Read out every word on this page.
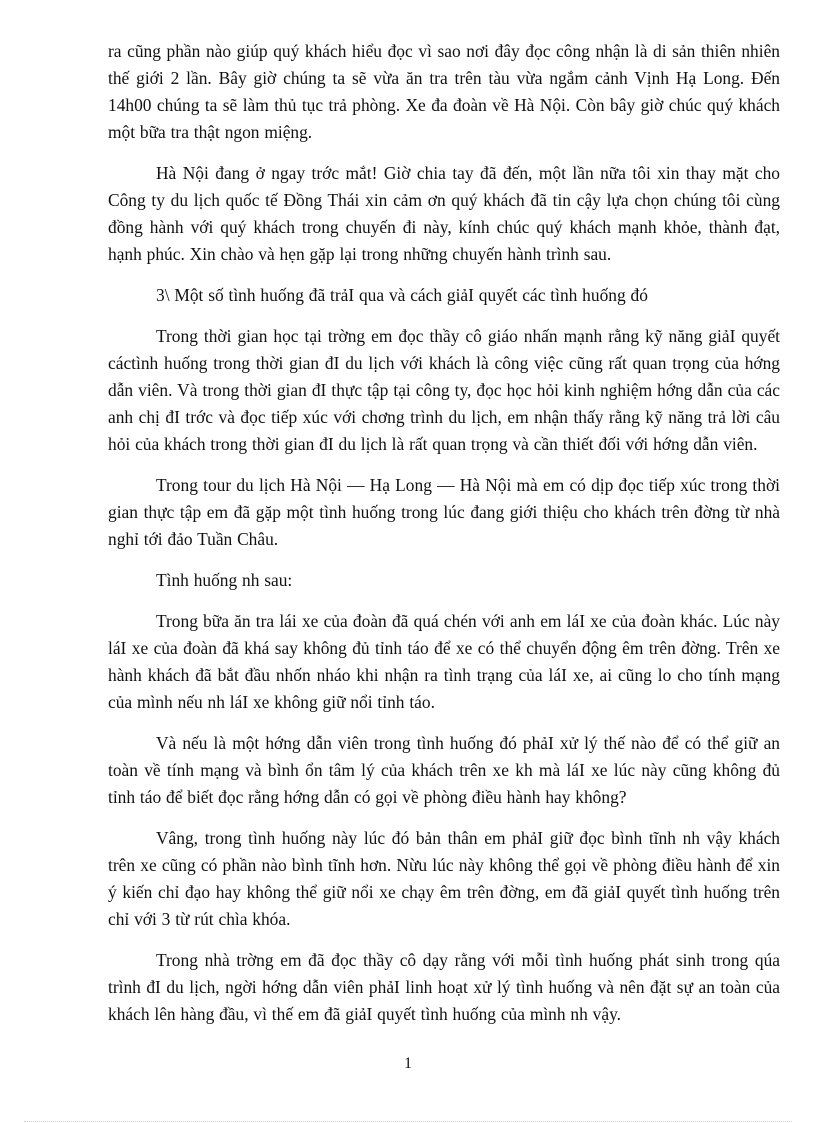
ra cũng phần nào giúp quý khách hiểu đọc vì sao nơi đây đọc công nhận là di sản thiên nhiên thế giới 2 lần. Bây giờ chúng ta sẽ vừa ăn tra trên tàu vừa ngắm cảnh Vịnh Hạ Long. Đến 14h00 chúng ta sẽ làm thủ tục trả phòng. Xe đa đoàn về Hà Nội. Còn bây giờ chúc quý khách một bữa tra thật ngon miệng.

Hà Nội đang ở ngay trớc mắt! Giờ chia tay đã đến, một lần nữa tôi xin thay mặt cho Công ty du lịch quốc tế Đồng Thái xin cảm ơn quý khách đã tin cậy lựa chọn chúng tôi cùng đồng hành với quý khách trong chuyến đi này, kính chúc quý khách mạnh khỏe, thành đạt, hạnh phúc. Xin chào và hẹn gặp lại trong những chuyến hành trình sau.

3\ Một số tình huống đã trảI qua và cách giảI quyết các tình huống đó

Trong thời gian học tại trờng em đọc thầy cô giáo nhấn mạnh rằng kỹ năng giảI quyết cáctình huống trong thời gian đI du lịch với khách là công việc cũng rất quan trọng của hớng dẫn viên. Và trong thời gian đI thực tập tại công ty, đọc học hỏi kinh nghiệm hớng dẫn của các anh chị đI trớc và đọc tiếp xúc với chơng trình du lịch, em nhận thấy rằng kỹ năng trả lời câu hỏi của khách trong thời gian đI du lịch là rất quan trọng và cần thiết đối với hớng dẫn viên.

Trong tour du lịch Hà Nội — Hạ Long — Hà Nội mà em có dịp đọc tiếp xúc trong thời gian thực tập em đã gặp một tình huống trong lúc đang giới thiệu cho khách trên đờng từ nhà nghỉ tới đảo Tuần Châu.

Tình huống nh sau:

Trong bữa ăn tra lái xe của đoàn đã quá chén với anh em láI xe của đoàn khác. Lúc này láI xe của đoàn đã khá say không đủ tỉnh táo để xe có thể chuyển động êm trên đờng. Trên xe hành khách đã bắt đầu nhốn nháo khi nhận ra tình trạng của láI xe, ai cũng lo cho tính mạng của mình nếu nh láI xe không giữ nổi tỉnh táo.

Và nếu là một hớng dẫn viên trong tình huống đó phảI xử lý thế nào để có thể giữ an toàn về tính mạng và bình ổn tâm lý của khách trên xe kh mà láI xe lúc này cũng không đủ tỉnh táo để biết đọc rằng hớng dẫn có gọi về phòng điều hành hay không?

Vâng, trong tình huống này lúc đó bản thân em phảI giữ đọc bình tĩnh nh vậy khách trên xe cũng có phần nào bình tĩnh hơn. Nừu lúc này không thể gọi về phòng điều hành để xin ý kiến chỉ đạo hay không thể giữ nổi xe chạy êm trên đờng, em đã giảI quyết tình huống trên chỉ với 3 từ rút chìa khóa.

Trong nhà trờng em đã đọc thầy cô dạy rằng với mỗi tình huống phát sinh trong qúa trình đI du lịch, ngời hớng dẫn viên phảI linh hoạt xử lý tình huống và nên đặt sự an toàn của khách lên hàng đầu, vì thế em đã giảI quyết tình huống của mình nh vậy.

1
